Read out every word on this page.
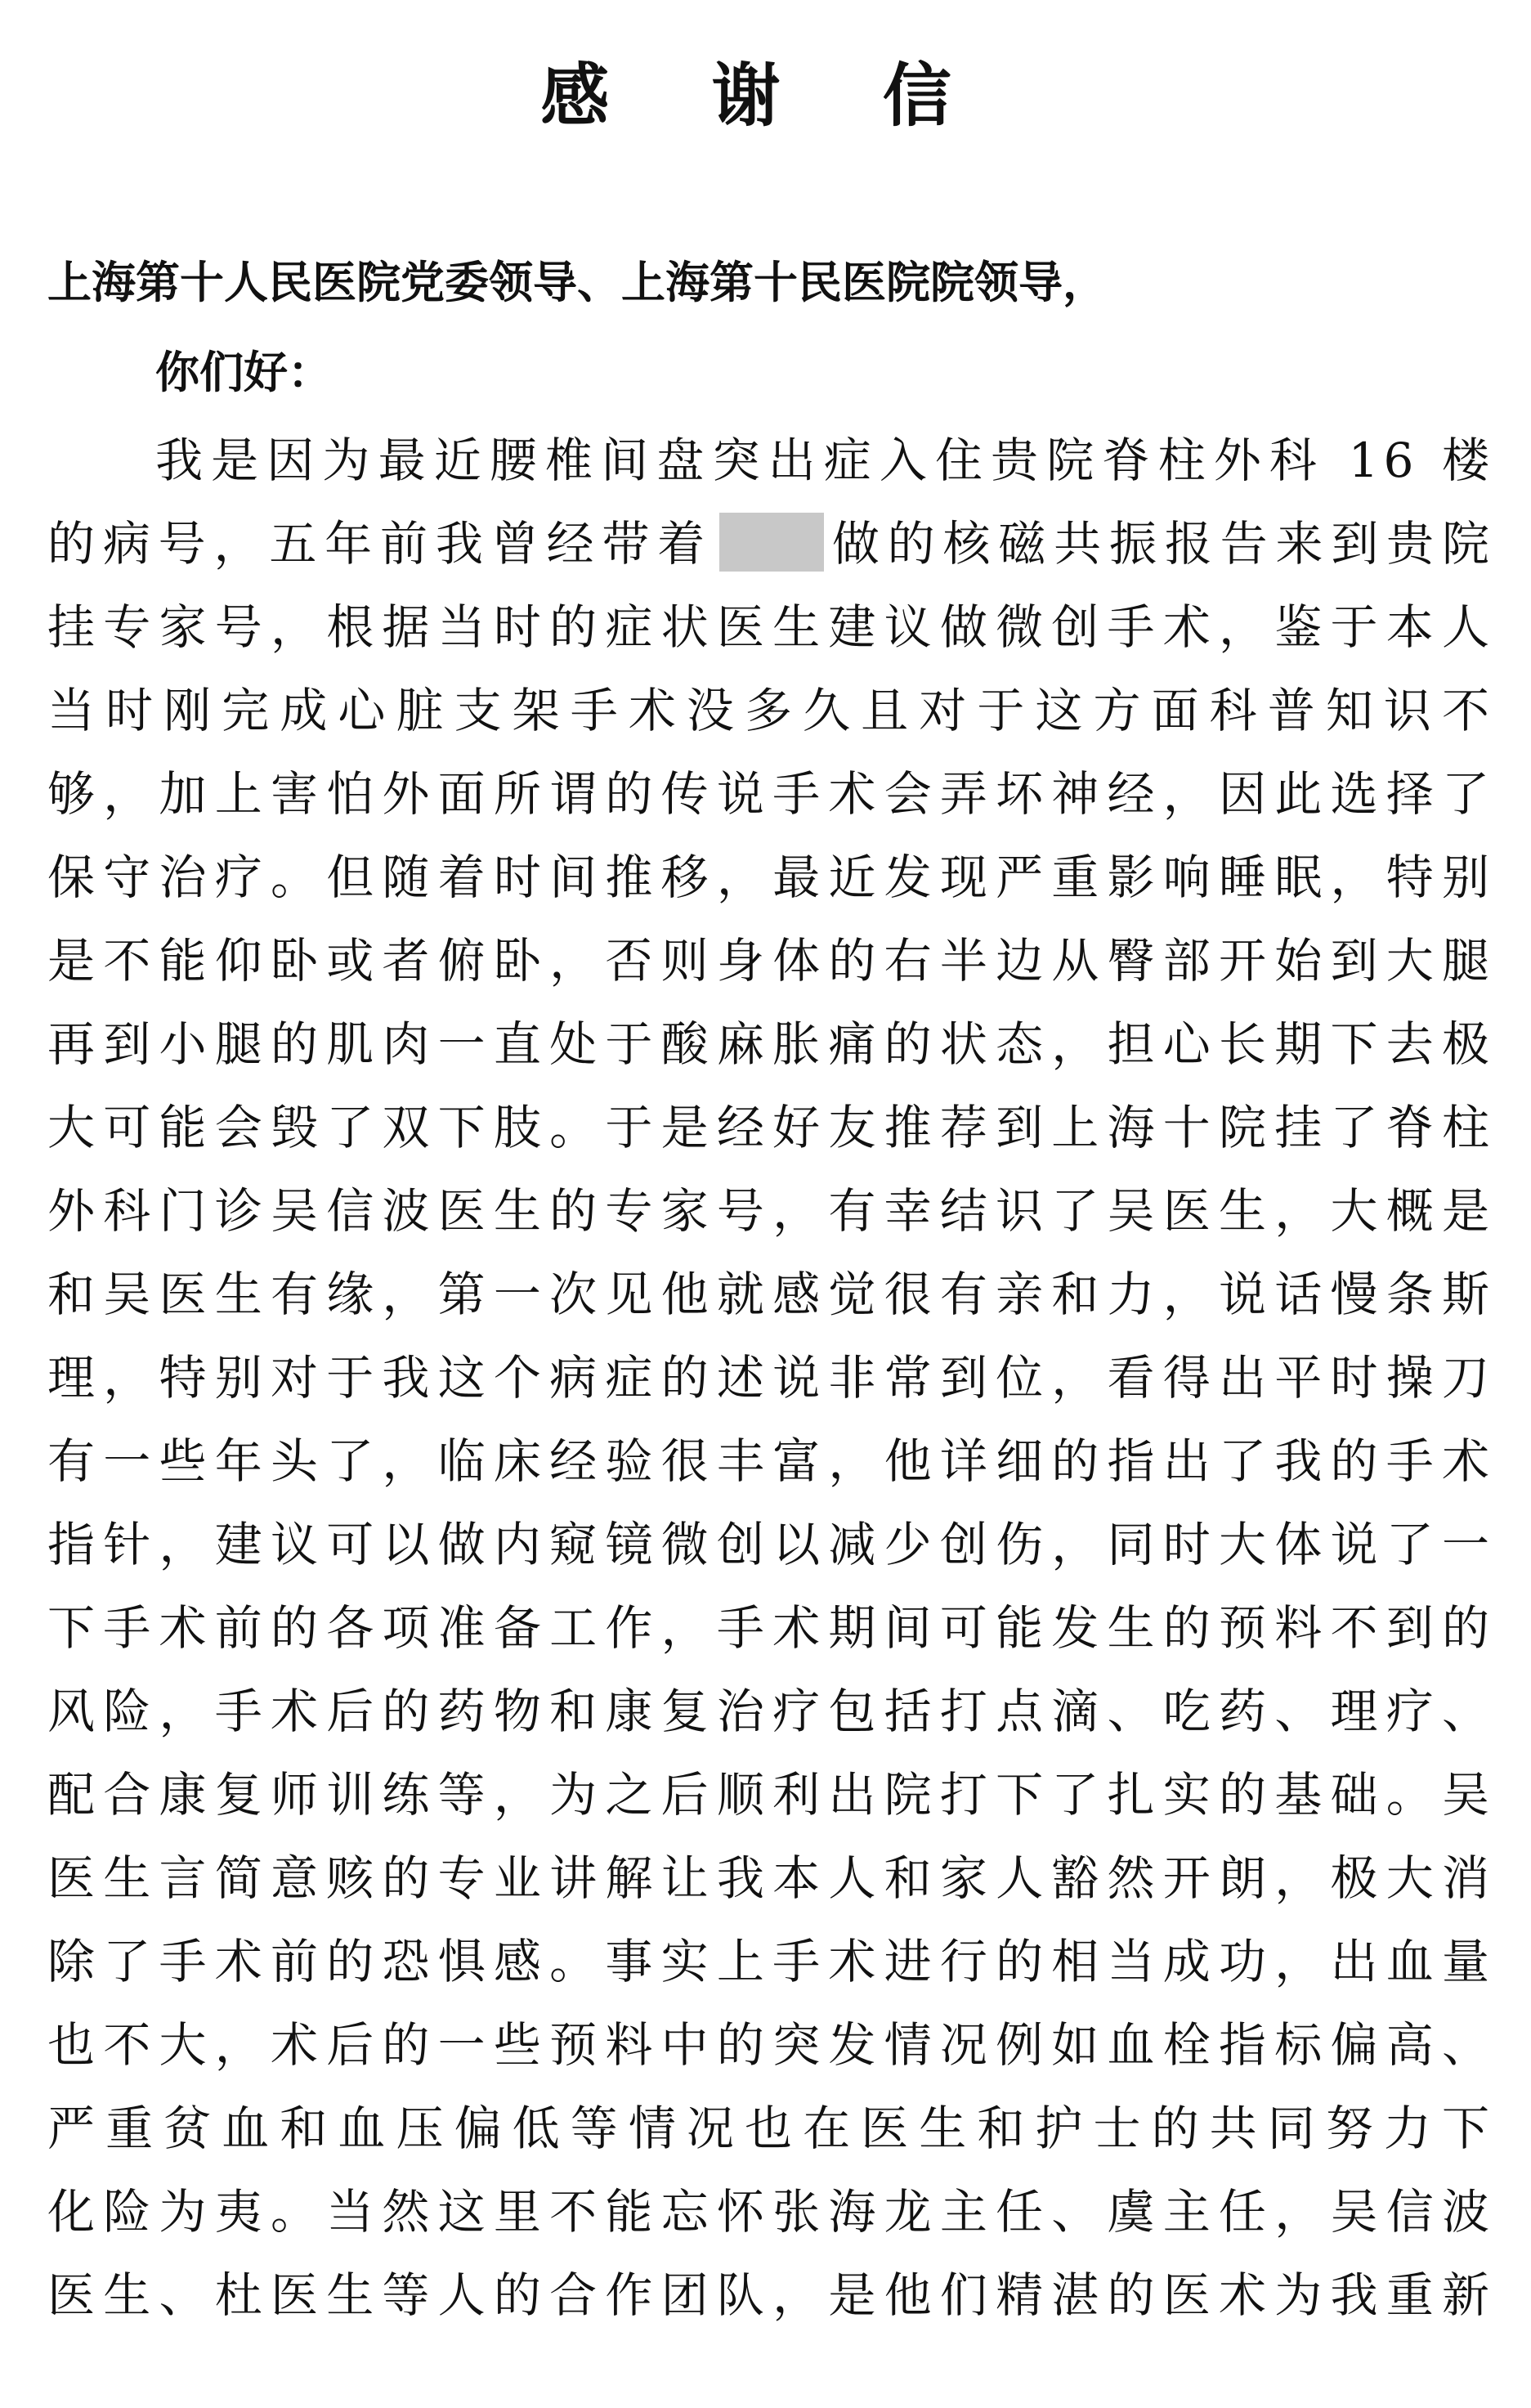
感 谢 信
上海第十人民医院党委领导、上海第十民医院院领导，
你们好：
我是因为最近腰椎间盘突出症入住贵院脊柱外科 16 楼
的病号，五年前我曾经带着 做的核磁共振报告来到贵院
挂专家号，根据当时的症状医生建议做微创手术，鉴于本人
当时刚完成心脏支架手术没多久且对于这方面科普知识不
够，加上害怕外面所谓的传说手术会弄坏神经，因此选择了
保守治疗。但随着时间推移，最近发现严重影响睡眠，特别
是不能仰卧或者俯卧，否则身体的右半边从臀部开始到大腿
再到小腿的肌肉一直处于酸麻胀痛的状态，担心长期下去极
大可能会毁了双下肢。于是经好友推荐到上海十院挂了脊柱
外科门诊吴信波医生的专家号，有幸结识了吴医生，大概是
和吴医生有缘，第一次见他就感觉很有亲和力，说话慢条斯
理，特别对于我这个病症的述说非常到位，看得出平时操刀
有一些年头了，临床经验很丰富，他详细的指出了我的手术
指针，建议可以做内窥镜微创以减少创伤，同时大体说了一
下手术前的各项准备工作，手术期间可能发生的预料不到的
风险，手术后的药物和康复治疗包括打点滴、吃药、理疗、
配合康复师训练等，为之后顺利出院打下了扎实的基础。吴
医生言简意赅的专业讲解让我本人和家人豁然开朗，极大消
除了手术前的恐惧感。事实上手术进行的相当成功，出血量
也不大，术后的一些预料中的突发情况例如血栓指标偏高、
严重贫血和血压偏低等情况也在医生和护士的共同努力下
化险为夷。当然这里不能忘怀张海龙主任、虞主任，吴信波
医生、杜医生等人的合作团队，是他们精湛的医术为我重新
